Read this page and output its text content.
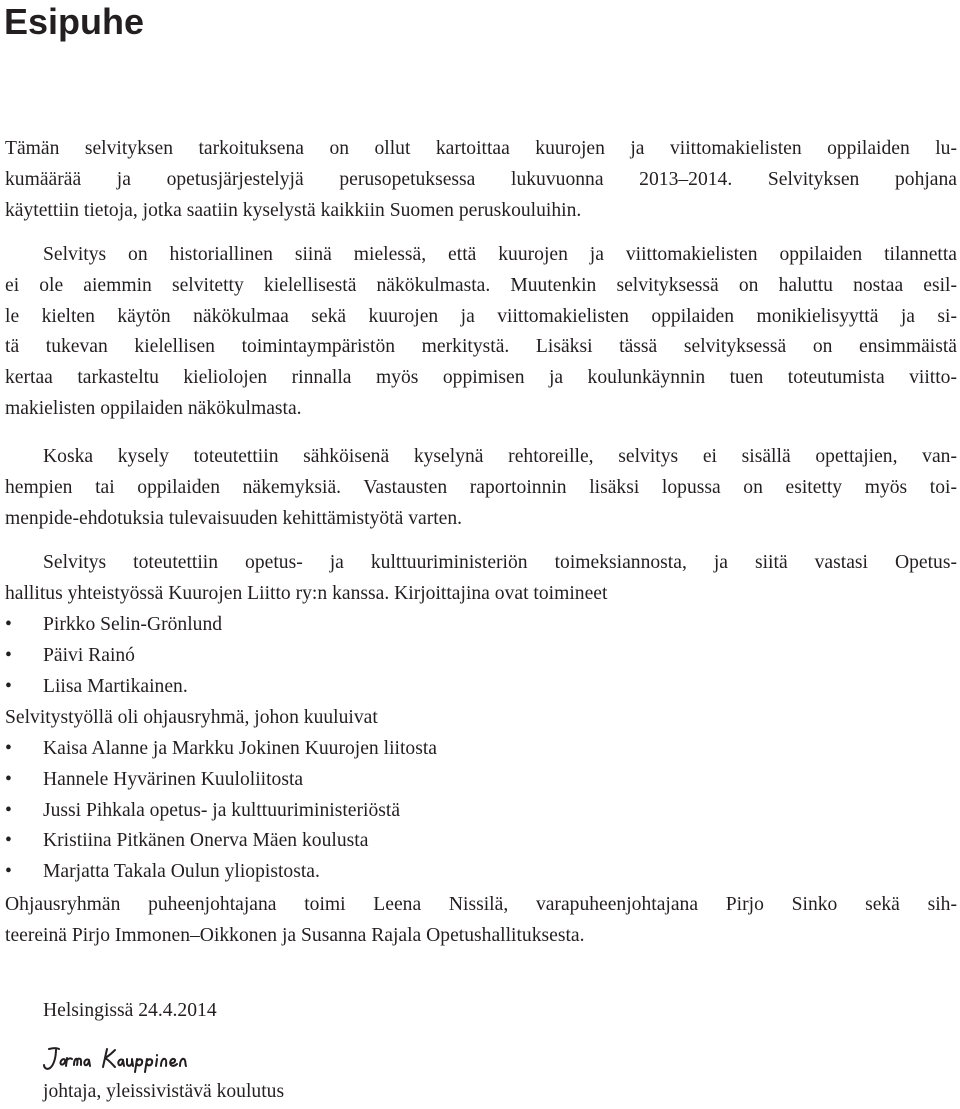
Esipuhe
Tämän selvityksen tarkoituksena on ollut kartoittaa kuurojen ja viittomakielisten oppilaiden lu-
kumäärää ja opetusjärjestelyjä perusopetuksessa lukuvuonna 2013–2014. Selvityksen pohjana
käytettiin tietoja, jotka saatiin kyselystä kaikkiin Suomen peruskouluihin.
Selvitys on historiallinen siinä mielessä, että kuurojen ja viittomakielisten oppilaiden tilannetta
ei ole aiemmin selvitetty kielellisestä näkökulmasta. Muutenkin selvityksessä on haluttu nostaa esil-
le kielten käytön näkökulmaa sekä kuurojen ja viittomakielisten oppilaiden monikielisyyttä ja si-
tä tukevan kielellisen toimintaympäristön merkitystä. Lisäksi tässä selvityksessä on ensimmäistä
kertaa tarkasteltu kieliolojen rinnalla myös oppimisen ja koulunkäynnin tuen toteutumista viitto-
makielisten oppilaiden näkökulmasta.
Koska kysely toteutettiin sähköisenä kyselynä rehtoreille, selvitys ei sisällä opettajien, van-
hempien tai oppilaiden näkemyksiä. Vastausten raportoinnin lisäksi lopussa on esitetty myös toi-
menpide-ehdotuksia tulevaisuuden kehittämistyötä varten.
Selvitys toteutettiin opetus- ja kulttuuriministeriön toimeksiannosta, ja siitä vastasi Opetus-
hallitus yhteistyössä Kuurojen Liitto ry:n kanssa. Kirjoittajina ovat toimineet
• Pirkko Selin-Grönlund
• Päivi Rainó
• Liisa Martikainen.
Selvitystyöllä oli ohjausryhmä, johon kuuluivat
• Kaisa Alanne ja Markku Jokinen Kuurojen liitosta
• Hannele Hyvärinen Kuuloliitosta
• Jussi Pihkala opetus- ja kulttuuriministeriöstä
• Kristiina Pitkänen Onerva Mäen koulusta
• Marjatta Takala Oulun yliopistosta.
Ohjausryhmän puheenjohtajana toimi Leena Nissilä, varapuheenjohtajana Pirjo Sinko sekä sih-
teereinä Pirjo Immonen–Oikkonen ja Susanna Rajala Opetushallituksesta.
Helsingissä 24.4.2014
johtaja, yleissivistävä koulutus
